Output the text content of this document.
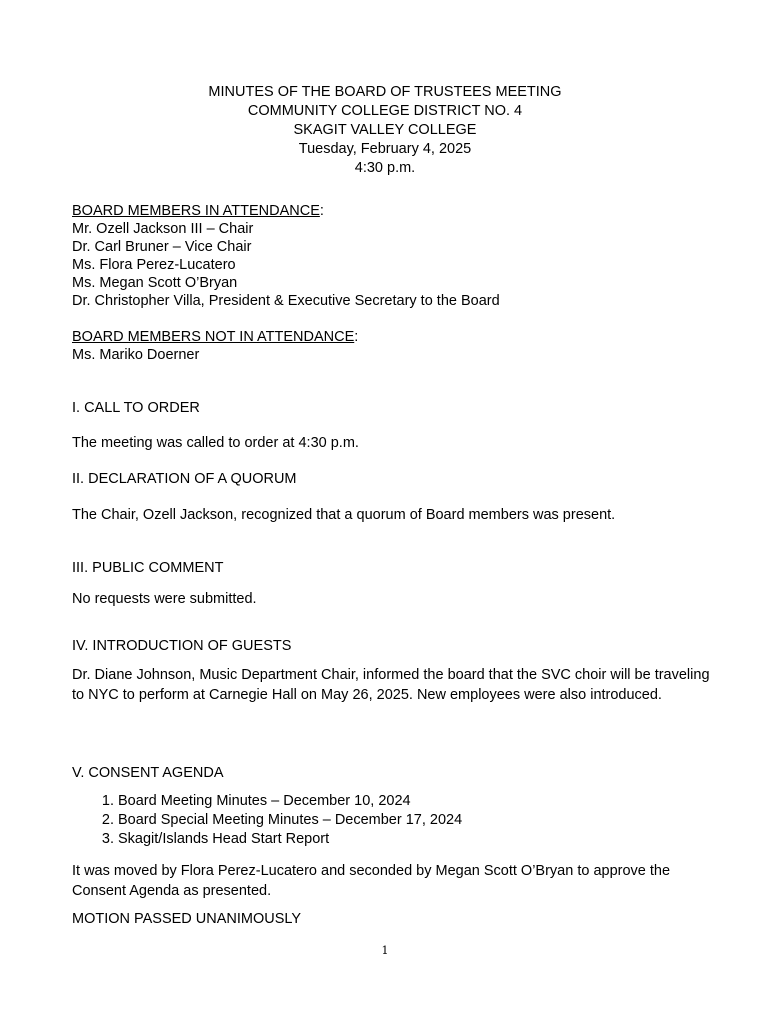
MINUTES OF THE BOARD OF TRUSTEES MEETING
COMMUNITY COLLEGE DISTRICT NO. 4
SKAGIT VALLEY COLLEGE
Tuesday, February 4, 2025
4:30 p.m.
BOARD MEMBERS IN ATTENDANCE:
Mr. Ozell Jackson III – Chair
Dr. Carl Bruner – Vice Chair
Ms. Flora Perez-Lucatero
Ms. Megan Scott O’Bryan
Dr. Christopher Villa, President & Executive Secretary to the Board
BOARD MEMBERS NOT IN ATTENDANCE:
Ms. Mariko Doerner
I. CALL TO ORDER
The meeting was called to order at 4:30 p.m.
II. DECLARATION OF A QUORUM
The Chair, Ozell Jackson, recognized that a quorum of Board members was present.
III. PUBLIC COMMENT
No requests were submitted.
IV. INTRODUCTION OF GUESTS
Dr. Diane Johnson, Music Department Chair, informed the board that the SVC choir will be traveling to NYC to perform at Carnegie Hall on May 26, 2025. New employees were also introduced.
V. CONSENT AGENDA
1. Board Meeting Minutes – December 10, 2024
2. Board Special Meeting Minutes – December 17, 2024
3. Skagit/Islands Head Start Report
It was moved by Flora Perez-Lucatero and seconded by Megan Scott O’Bryan to approve the Consent Agenda as presented.
MOTION PASSED UNANIMOUSLY
1
